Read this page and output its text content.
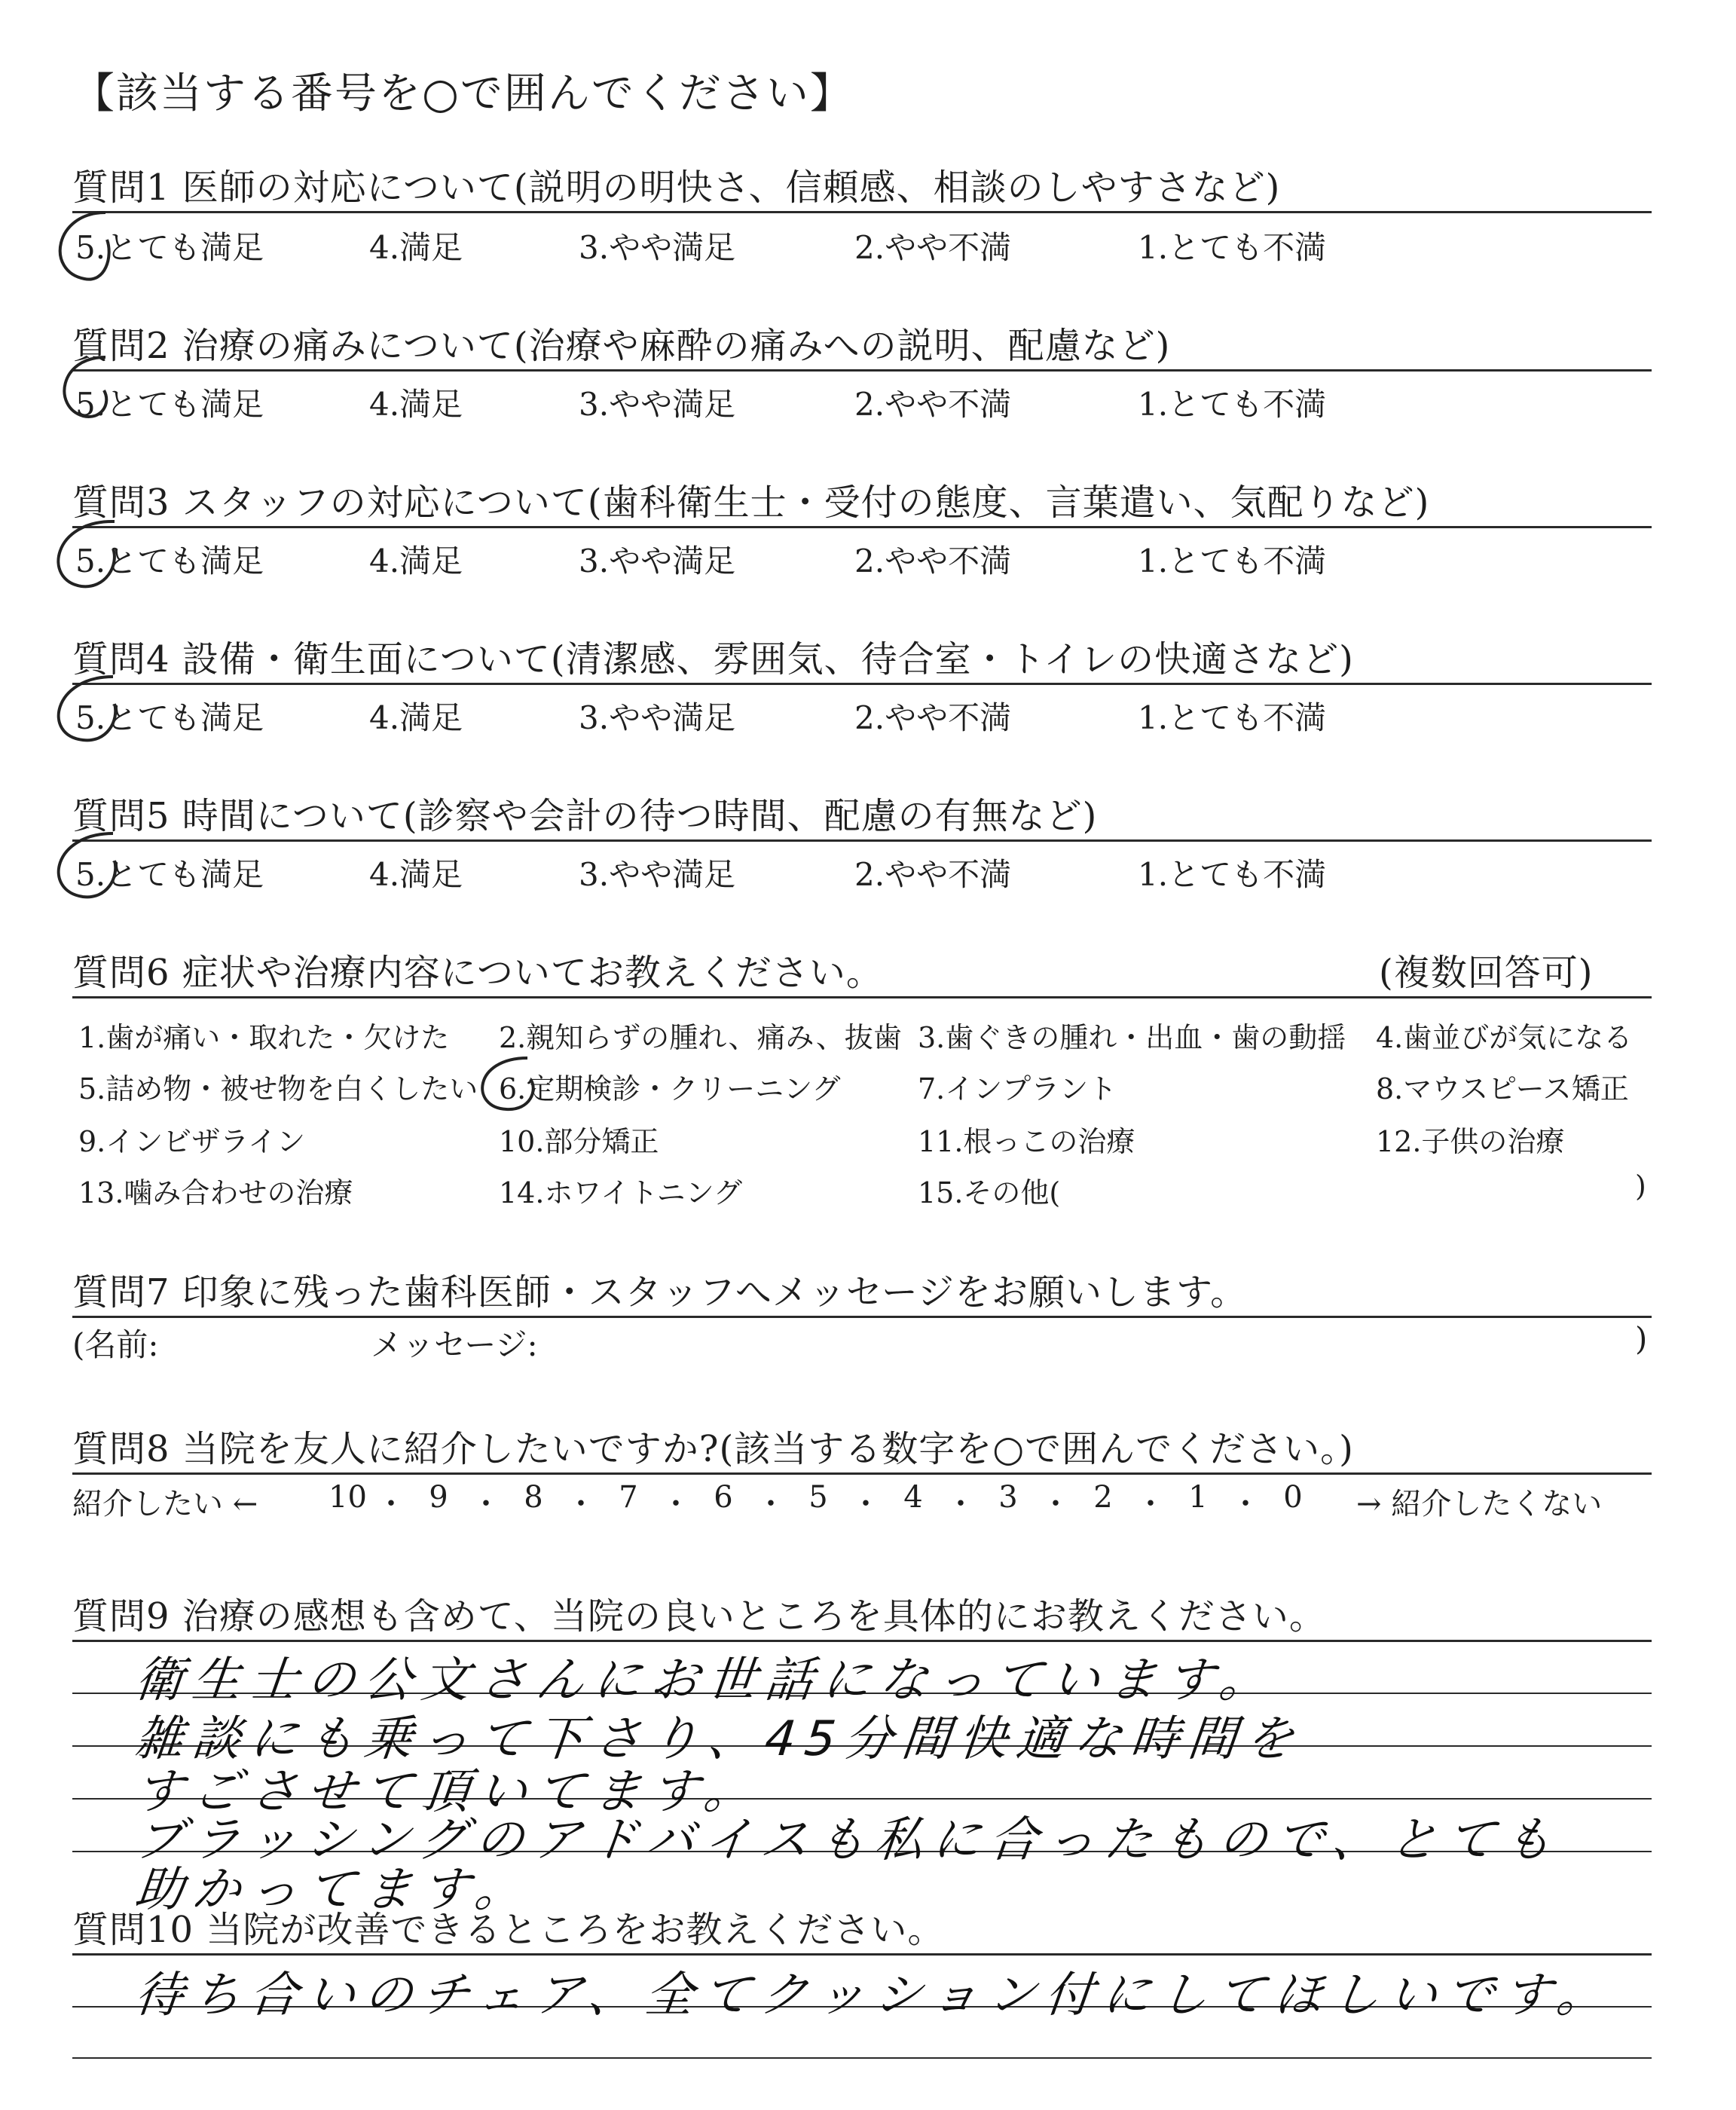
【該当する番号を○で囲んでください】
質問1 医師の対応について(説明の明快さ、信頼感、相談のしやすさなど)
5.とても満足	4.満足	3.やや満足	2.やや不満	1.とても不満
質問2 治療の痛みについて(治療や麻酔の痛みへの説明、配慮など)
5.とても満足	4.満足	3.やや満足	2.やや不満	1.とても不満
質問3 スタッフの対応について(歯科衛生士・受付の態度、言葉遣い、気配りなど)
5.とても満足	4.満足	3.やや満足	2.やや不満	1.とても不満
質問4 設備・衛生面について(清潔感、雰囲気、待合室・トイレの快適さなど)
5.とても満足	4.満足	3.やや満足	2.やや不満	1.とても不満
質問5 時間について(診察や会計の待つ時間、配慮の有無など)
5.とても満足	4.満足	3.やや満足	2.やや不満	1.とても不満
質問6 症状や治療内容についてお教えください。	(複数回答可)
1.歯が痛い・取れた・欠けた 2.親知らずの腫れ、痛み、抜歯 3.歯ぐきの腫れ・出血・歯の動揺 4.歯並びが気になる
5.詰め物・被せ物を白くしたい 6.定期検診・クリーニング	7.インプラント	8.マウスピース矯正
9.インビザライン	10.部分矯正	11.根っこの治療	12.子供の治療
13.噛み合わせの治療	14.ホワイトニング	15.その他(	)
質問7 印象に残った歯科医師・スタッフへメッセージをお願いします。
(名前:	メッセージ:	)
質問8 当院を友人に紹介したいですか?(該当する数字を○で囲んでください。)
紹介したい ←	→ 紹介したくない
10 ・ 9 ・ 8 ・ 7 ・ 6 ・ 5 ・ 4 ・ 3 ・ 2 ・ 1 ・ 0
質問9 治療の感想も含めて、当院の良いところを具体的にお教えください。
衛生士の公文さんにお世話になっています。
雑談にも乗って下さり、45分間快適な時間を
すごさせて頂いてます。
ブラッシングのアドバイスも私に合ったもので、とても
助かってます。
質問10 当院が改善できるところをお教えください。
待ち合いのチェア、全てクッション付にしてほしいです。
